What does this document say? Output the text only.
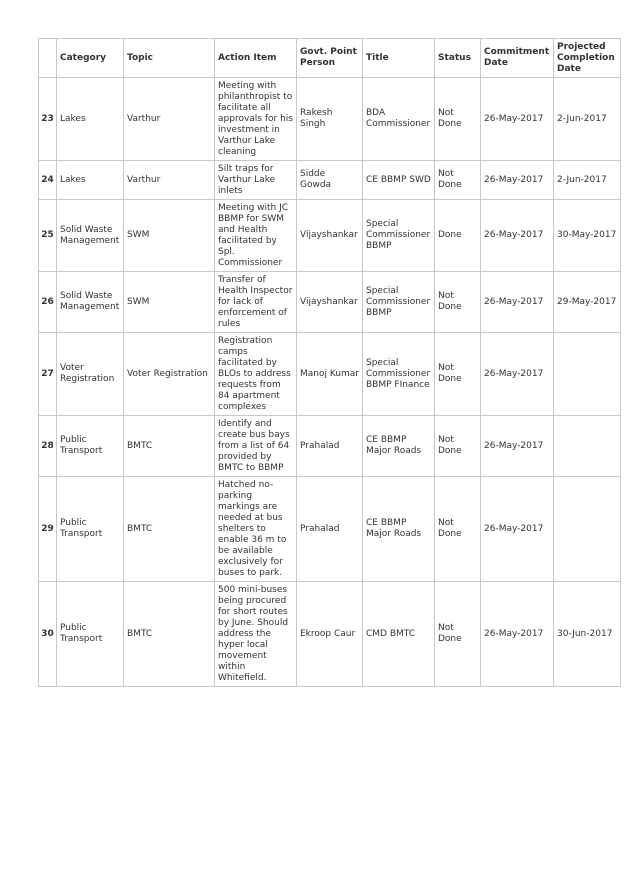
	Category	Topic	Action Item	Govt. Point Person	Title	Status	Commitment Date	Projected Completion Date
23	Lakes	Varthur	Meeting with philanthropist to facilitate all approvals for his investment in Varthur Lake cleaning	Rakesh Singh	BDA Commissioner	Not Done	26-May-2017	2-Jun-2017
24	Lakes	Varthur	Silt traps for Varthur Lake inlets	Sidde Gowda	CE BBMP SWD	Not Done	26-May-2017	2-Jun-2017
25	Solid Waste Management	SWM	Meeting with JC BBMP for SWM and Health facilitated by Spl. Commissioner	Vijayshankar	Special Commissioner BBMP	Done	26-May-2017	30-May-2017
26	Solid Waste Management	SWM	Transfer of Health Inspector for lack of enforcement of rules	Vijayshankar	Special Commissioner BBMP	Not Done	26-May-2017	29-May-2017
27	Voter Registration	Voter Registration	Registration camps facilitated by BLOs to address requests from 84 apartment complexes	Manoj Kumar	Special Commissioner BBMP FInance	Not Done	26-May-2017	
28	Public Transport	BMTC	Identify and create bus bays from a list of 64 provided by BMTC to BBMP	Prahalad	CE BBMP Major Roads	Not Done	26-May-2017	
29	Public Transport	BMTC	Hatched no-parking markings are needed at bus shelters to enable 36 m to be available exclusively for buses to park.	Prahalad	CE BBMP Major Roads	Not Done	26-May-2017	
30	Public Transport	BMTC	500 mini-buses being procured for short routes by June. Should address the hyper local movement within Whitefield.	Ekroop Caur	CMD BMTC	Not Done	26-May-2017	30-Jun-2017
